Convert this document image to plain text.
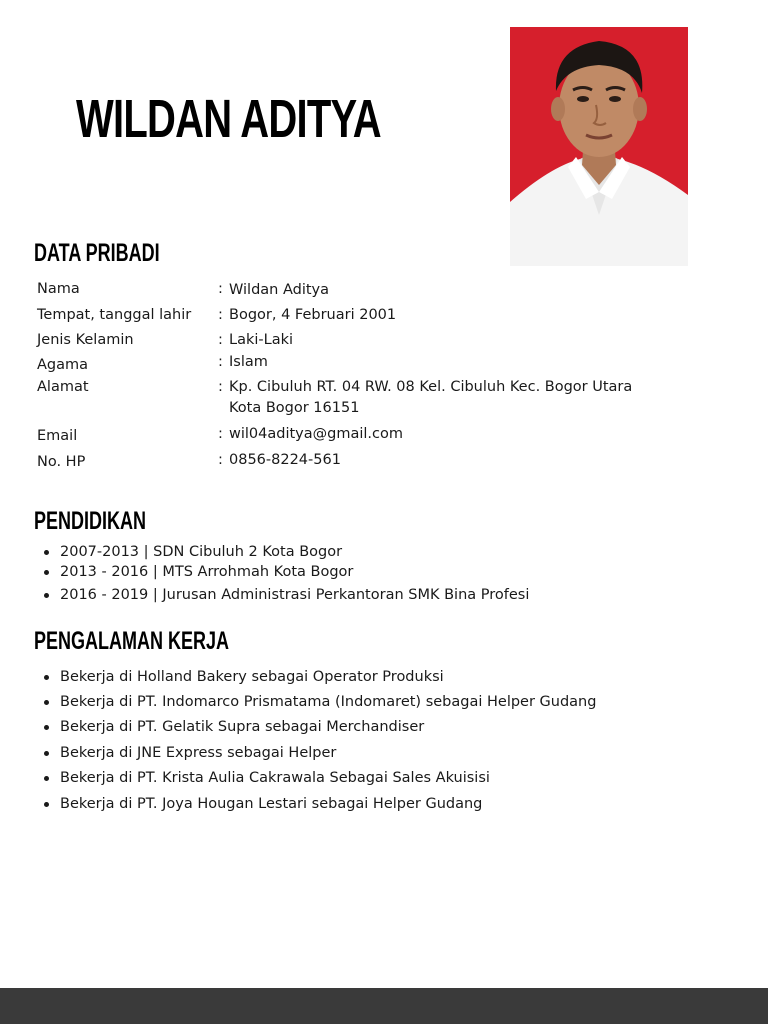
WILDAN ADITYA
DATA PRIBADI
Nama	: Wildan Aditya
Tempat, tanggal lahir : Bogor, 4 Februari 2001
Jenis Kelamin	: Laki-Laki
Agama	: Islam
Alamat	: Kp. Cibuluh RT. 04 RW. 08 Kel. Cibuluh Kec. Bogor Utara Kota Bogor 16151
Email	: wil04aditya@gmail.com
No. HP	: 0856-8224-561
PENDIDIKAN
2007-2013 | SDN Cibuluh 2 Kota Bogor
2013 - 2016 | MTS Arrohmah Kota Bogor
2016 - 2019 | Jurusan Administrasi Perkantoran SMK Bina Profesi
PENGALAMAN KERJA
Bekerja di Holland Bakery sebagai Operator Produksi
Bekerja di PT. Indomarco Prismatama (Indomaret) sebagai Helper Gudang
Bekerja di PT. Gelatik Supra sebagai Merchandiser
Bekerja di JNE Express sebagai Helper
Bekerja di PT. Krista Aulia Cakrawala Sebagai Sales Akuisisi
Bekerja di PT. Joya Hougan Lestari sebagai Helper Gudang
